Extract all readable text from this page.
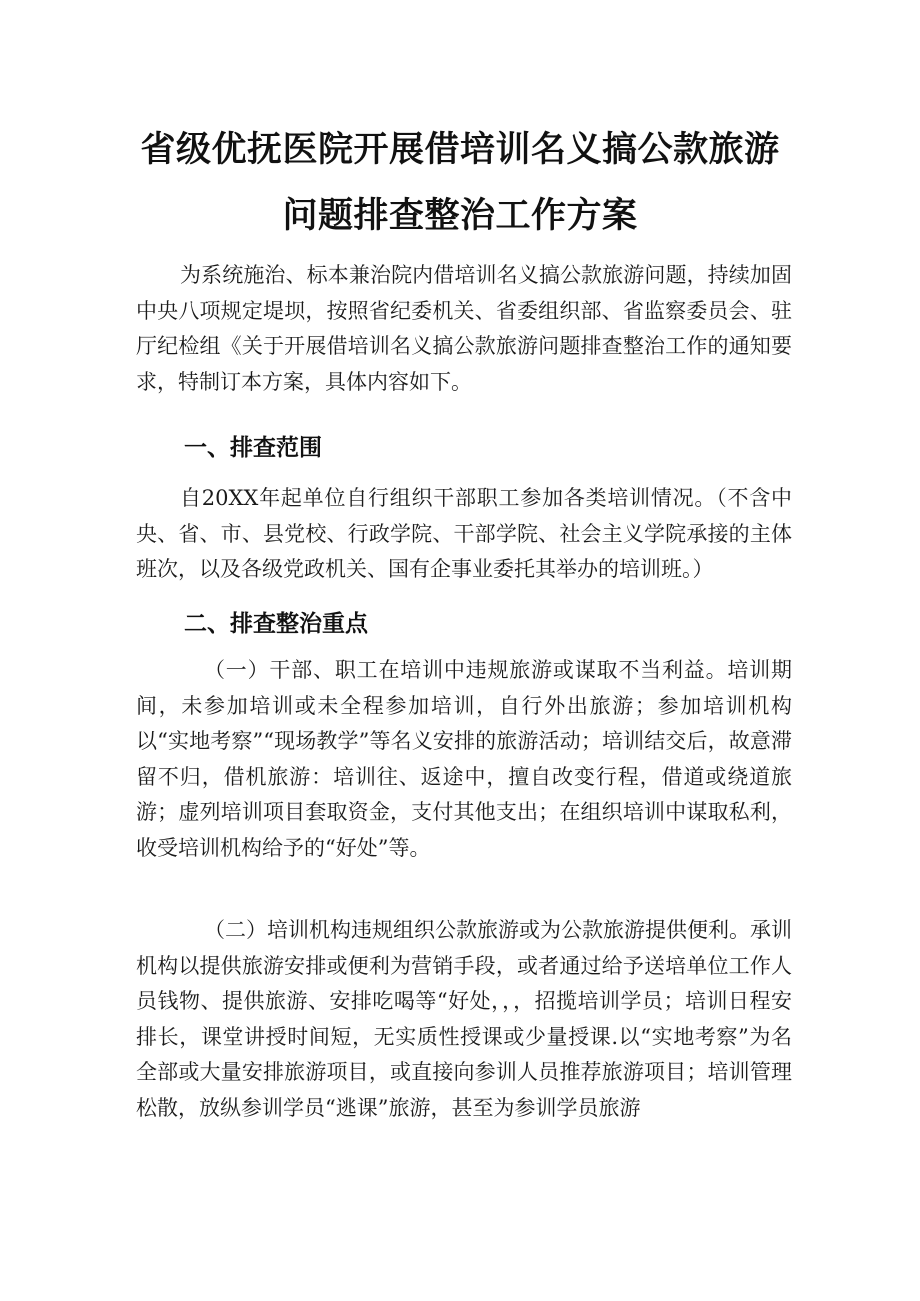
省级优抚医院开展借培训名义搞公款旅游
问题排查整治工作方案

为系统施治、标本兼治院内借培训名义搞公款旅游问题，持续加固中央八项规定堤坝，按照省纪委机关、省委组织部、省监察委员会、驻厅纪检组《关于开展借培训名义搞公款旅游问题排查整治工作的通知要求，特制订本方案，具体内容如下。

一、排查范围

自20XX年起单位自行组织干部职工参加各类培训情况。（不含中央、省、市、县党校、行政学院、干部学院、社会主义学院承接的主体班次，以及各级党政机关、国有企事业委托其举办的培训班。）

二、排查整治重点

（一）干部、职工在培训中违规旅游或谋取不当利益。培训期间，未参加培训或未全程参加培训，自行外出旅游；参加培训机构以“实地考察”“现场教学”等名义安排的旅游活动；培训结交后，故意滞留不归，借机旅游：培训往、返途中，擅自改变行程，借道或绕道旅游；虚列培训项目套取资金，支付其他支出；在组织培训中谋取私利，收受培训机构给予的“好处”等。

（二）培训机构违规组织公款旅游或为公款旅游提供便利。承训机构以提供旅游安排或便利为营销手段，或者通过给予送培单位工作人员钱物、提供旅游、安排吃喝等“好处，，，招揽培训学员；培训日程安排长，课堂讲授时间短，无实质性授课或少量授课.以“实地考察”为名全部或大量安排旅游项目，或直接向参训人员推荐旅游项目；培训管理松散，放纵参训学员“逃课”旅游，甚至为参训学员旅游
